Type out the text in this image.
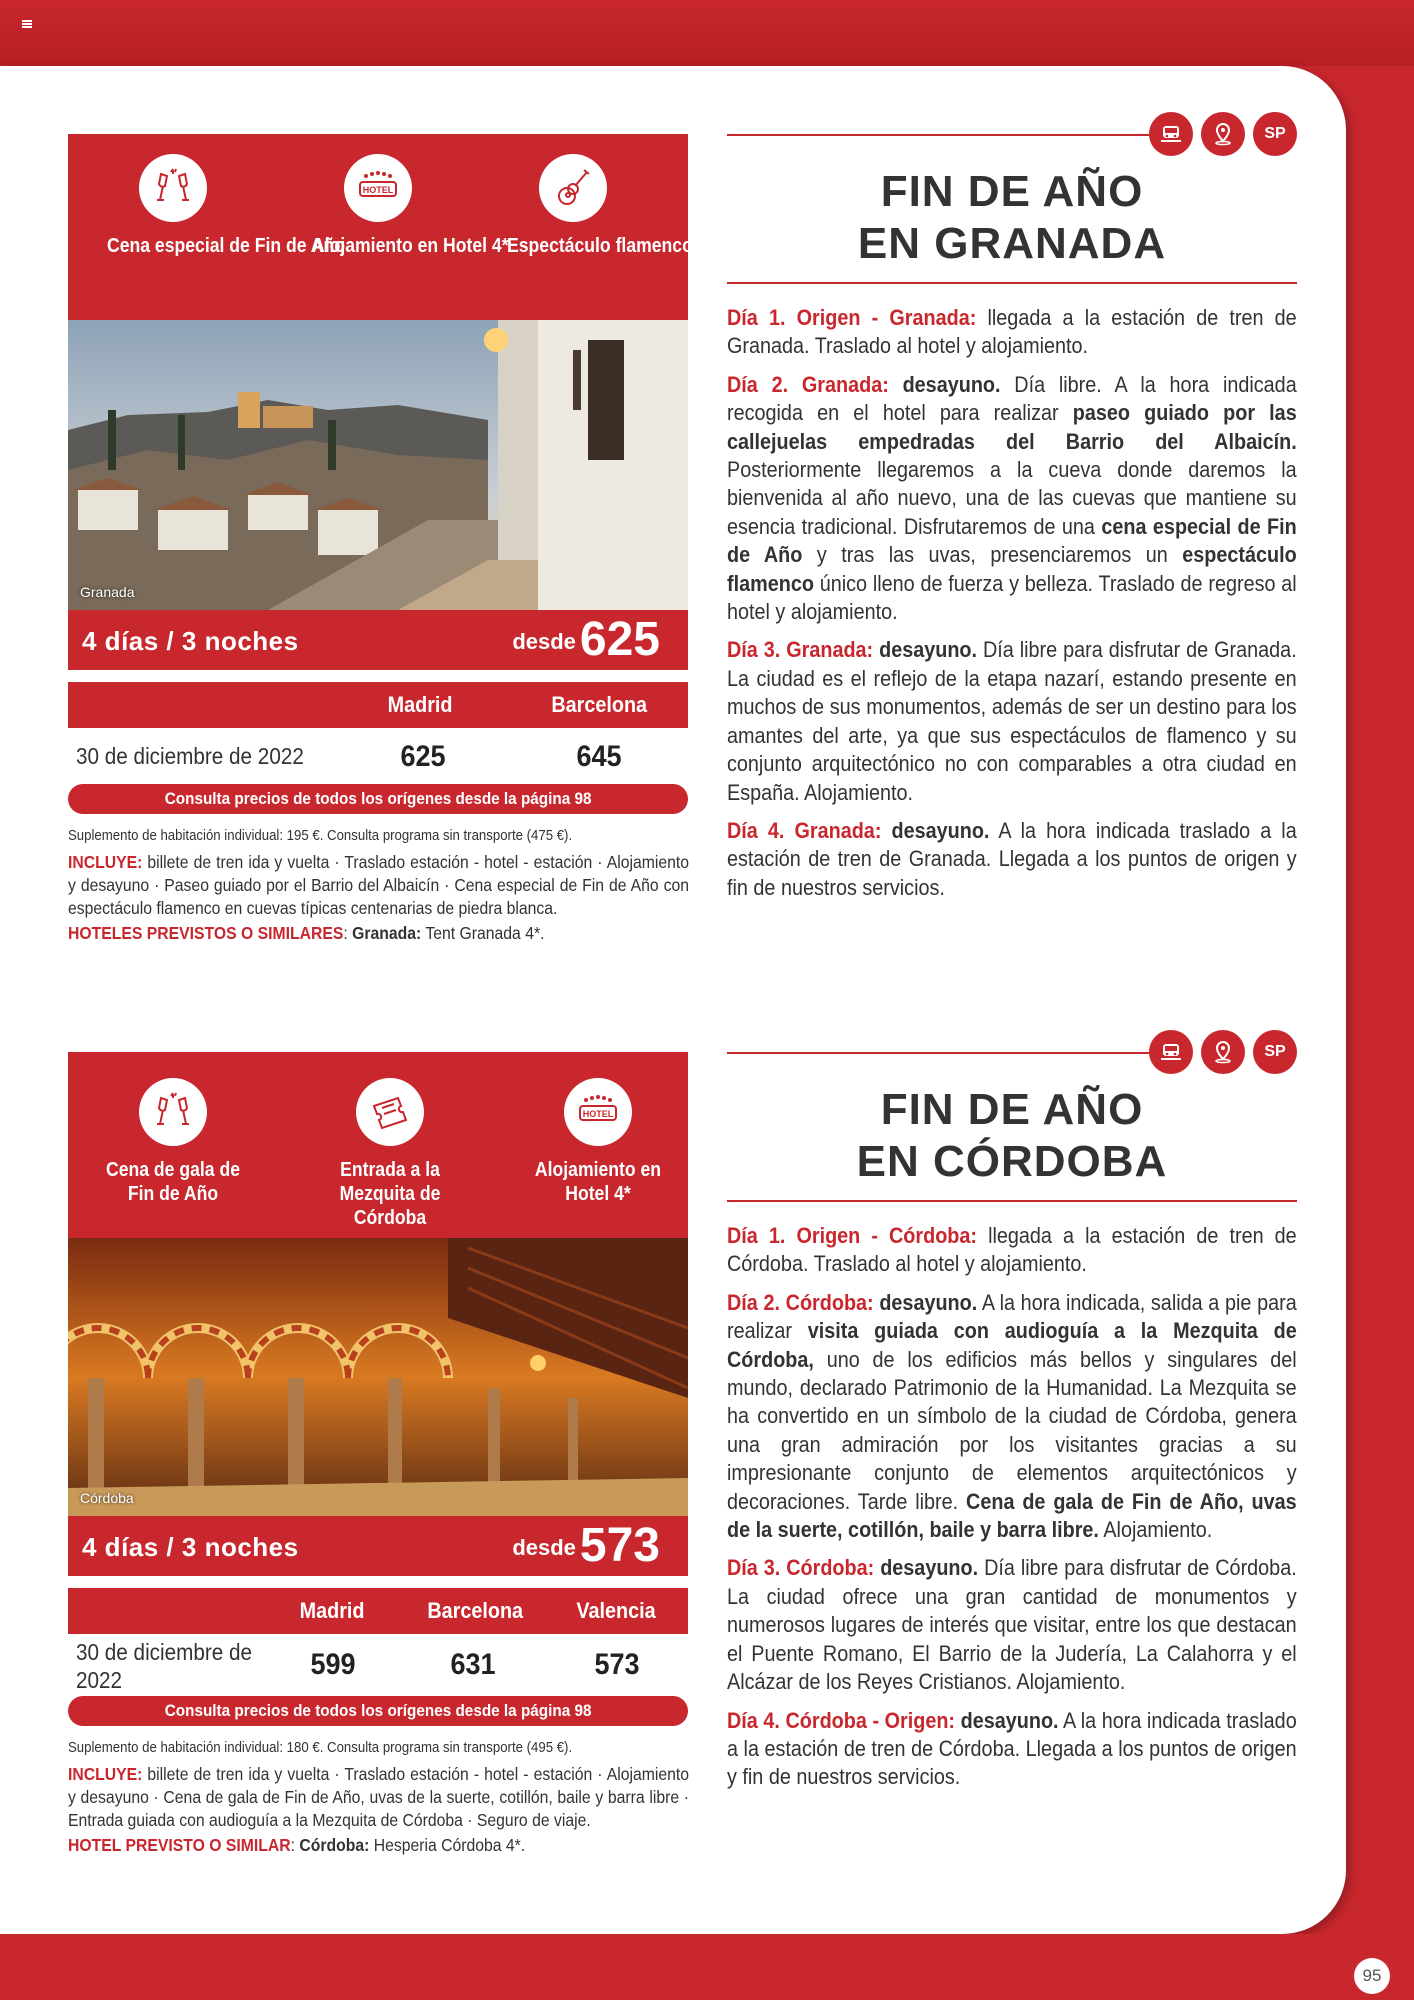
95
Cena especial de Fin de Año
HOTEL
Alojamiento en Hotel 4*
Espectáculo flamenco
Granada
4 días / 3 noches	desde625
Madrid	Barcelona
30 de diciembre de 2022	625	645
Consulta precios de todos los orígenes desde la página 98
Suplemento de habitación individual: 195 €. Consulta programa sin transporte (475 €).
INCLUYE: billete de tren ida y vuelta · Traslado estación - hotel - estación · Alojamiento y desayuno · Paseo guiado por el Barrio del Albaicín · Cena especial de Fin de Año con espectáculo flamenco en cuevas típicas centenarias de piedra blanca.
HOTELES PREVISTOS O SIMILARES: Granada: Tent Granada 4*.
SP
FIN DE AÑO
EN GRANADA

Día 1. Origen - Granada: llegada a la estación de tren de Granada. Traslado al hotel y alojamiento.

Día 2. Granada: desayuno. Día libre. A la hora indicada recogida en el hotel para realizar paseo guiado por las callejuelas empedradas del Barrio del Albaicín. Posteriormente llegaremos a la cueva donde daremos la bienvenida al año nuevo, una de las cuevas que mantiene su esencia tradicional. Disfrutaremos de una cena especial de Fin de Año y tras las uvas, presenciaremos un espectáculo flamenco único lleno de fuerza y belleza. Traslado de regreso al hotel y alojamiento.

Día 3. Granada: desayuno. Día libre para disfrutar de Granada. La ciudad es el reflejo de la etapa nazarí, estando presente en muchos de sus monumentos, además de ser un destino para los amantes del arte, ya que sus espectáculos de flamenco y su conjunto arquitectónico no con comparables a otra ciudad en España. Alojamiento.

Día 4. Granada: desayuno. A la hora indicada traslado a la estación de tren de Granada. Llegada a los puntos de origen y fin de nuestros servicios.

Cena de gala de Fin de Año
Entrada a la Mezquita de Córdoba
HOTEL
Alojamiento en Hotel 4*
Córdoba
4 días / 3 noches	desde573
Madrid	Barcelona Valencia
30 de diciembre de 2022	599	631	573
Consulta precios de todos los orígenes desde la página 98
Suplemento de habitación individual: 180 €. Consulta programa sin transporte (495 €).
INCLUYE: billete de tren ida y vuelta · Traslado estación - hotel - estación · Alojamiento y desayuno · Cena de gala de Fin de Año, uvas de la suerte, cotillón, baile y barra libre · Entrada guiada con audioguía a la Mezquita de Córdoba · Seguro de viaje.
HOTEL PREVISTO O SIMILAR: Córdoba: Hesperia Córdoba 4*.
SP
FIN DE AÑO
EN CÓRDOBA

Día 1. Origen - Córdoba: llegada a la estación de tren de Córdoba. Traslado al hotel y alojamiento.

Día 2. Córdoba: desayuno. A la hora indicada, salida a pie para realizar visita guiada con audioguía a la Mezquita de Córdoba, uno de los edificios más bellos y singulares del mundo, declarado Patrimonio de la Humanidad. La Mezquita se ha convertido en un símbolo de la ciudad de Córdoba, genera una gran admiración por los visitantes gracias a su impresionante conjunto de elementos arquitectónicos y decoraciones. Tarde libre. Cena de gala de Fin de Año, uvas de la suerte, cotillón, baile y barra libre. Alojamiento.

Día 3. Córdoba: desayuno. Día libre para disfrutar de Córdoba. La ciudad ofrece una gran cantidad de monumentos y numerosos lugares de interés que visitar, entre los que destacan el Puente Romano, El Barrio de la Judería, La Calahorra y el Alcázar de los Reyes Cristianos. Alojamiento.

Día 4. Córdoba - Origen: desayuno. A la hora indicada traslado a la estación de tren de Córdoba. Llegada a los puntos de origen y fin de nuestros servicios.
